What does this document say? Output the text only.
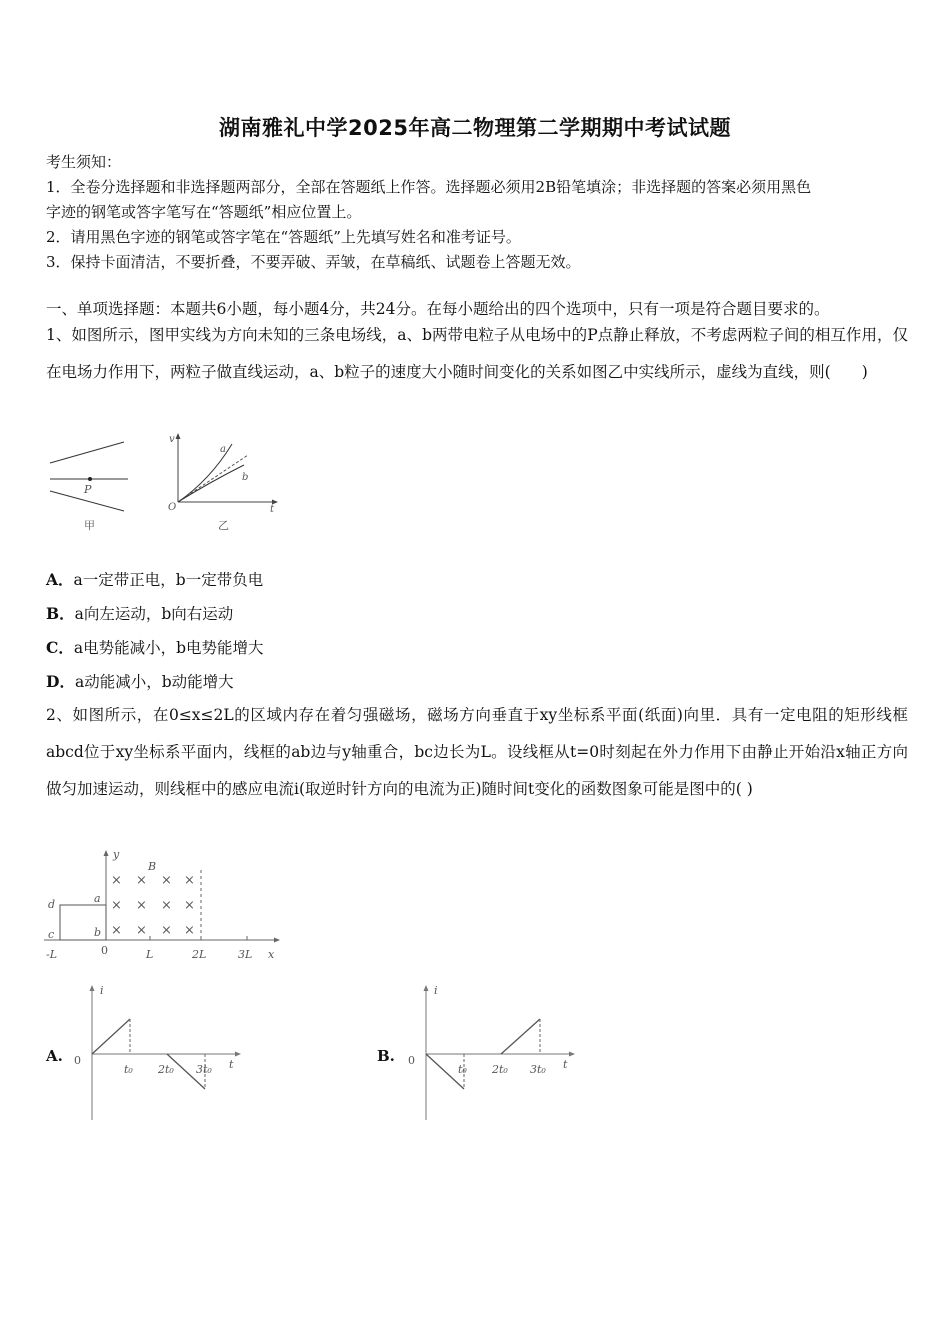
湖南雅礼中学2025年高二物理第二学期期中考试试题
考生须知：
1．全卷分选择题和非选择题两部分，全部在答题纸上作答。选择题必须用2B铅笔填涂；非选择题的答案必须用黑色
字迹的钢笔或答字笔写在“答题纸”相应位置上。
2．请用黑色字迹的钢笔或答字笔在“答题纸”上先填写姓名和准考证号。
3．保持卡面清洁，不要折叠，不要弄破、弄皱，在草稿纸、试题卷上答题无效。
一、单项选择题：本题共6小题，每小题4分，共24分。在每小题给出的四个选项中，只有一项是符合题目要求的。
1、如图所示，图甲实线为方向未知的三条电场线，a、b两带电粒子从电场中的P点静止释放，不考虑两粒子间的相互作用，仅在电场力作用下，两粒子做直线运动，a、b粒子的速度大小随时间变化的关系如图乙中实线所示，虚线为直线，则(　　)
P
甲
v
t
O
a
b
乙
A．a一定带正电，b一定带负电
B．a向左运动，b向右运动
C．a电势能减小，b电势能增大
D．a动能减小，b动能增大
2、如图所示，在0≤x≤2L的区域内存在着匀强磁场，磁场方向垂直于xy坐标系平面(纸面)向里．具有一定电阻的矩形线框abcd位于xy坐标系平面内，线框的ab边与y轴重合，bc边长为L。设线框从t=0时刻起在外力作用下由静止开始沿x轴正方向做匀加速运动，则线框中的感应电流i(取逆时针方向的电流为正)随时间t变化的函数图象可能是图中的( )
y
x
B
d	a
c	b
× × × ×
× × × ×
× × × ×
-L	0	L	2L	3L
A.
i
t
0
t₀ 2t₀ 3t₀
B.
i
t
0
t₀ 2t₀ 3t₀
